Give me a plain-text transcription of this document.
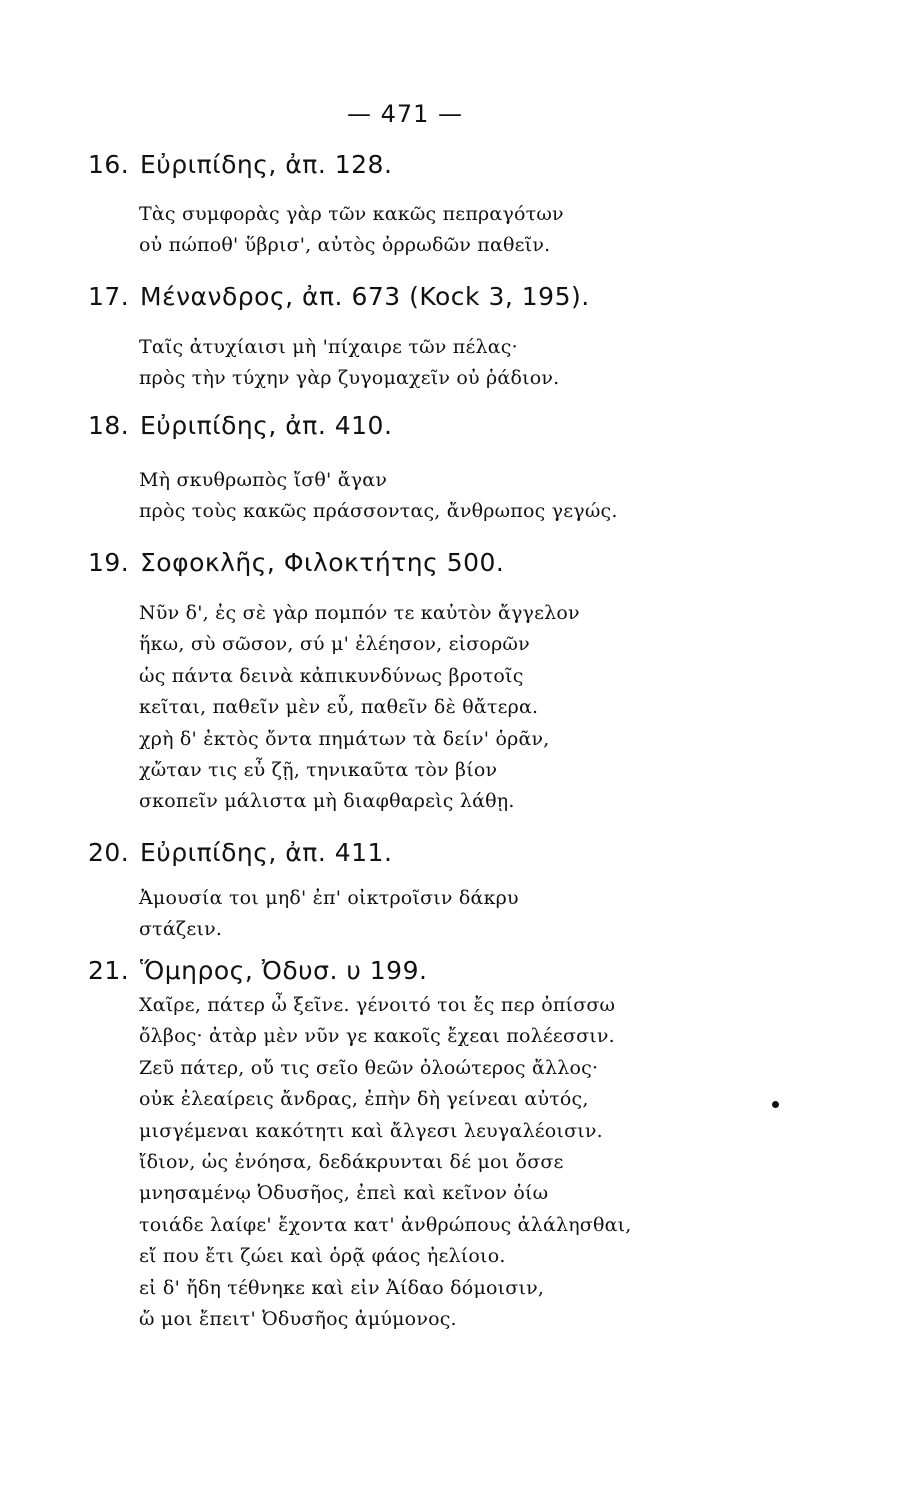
— 471 —
16. Εὐριπίδης, ἀπ. 128.
Τὰς συμφορὰς γὰρ τῶν κακῶς πεπραγότων
οὐ πώποθ' ὕβρισ', αὐτὸς ὀρρωδῶν παθεῖν.
17. Μένανδρος, ἀπ. 673 (Kock 3, 195).
Ταῖς ἀτυχίαισι μὴ 'πίχαιρε τῶν πέλας·
πρὸς τὴν τύχην γὰρ ζυγομαχεῖν οὐ ῥάδιον.
18. Εὐριπίδης, ἀπ. 410.
Μὴ σκυθρωπὸς ἴσθ' ἄγαν
πρὸς τοὺς κακῶς πράσσοντας, ἄνθρωπος γεγώς.
19. Σοφοκλῆς, Φιλοκτήτης 500.
Νῦν δ', ἐς σὲ γὰρ πομπόν τε καὐτὸν ἄγγελον
ἥκω, σὺ σῶσον, σύ μ' ἐλέησον, εἰσορῶν
ὡς πάντα δεινὰ κἀπικυνδύνως βροτοῖς
κεῖται, παθεῖν μὲν εὖ, παθεῖν δὲ θἄτερα.
χρὴ δ' ἐκτὸς ὄντα πημάτων τὰ δείν' ὁρᾶν,
χὤταν τις εὖ ζῇ, τηνικαῦτα τὸν βίον
σκοπεῖν μάλιστα μὴ διαφθαρεὶς λάθῃ.
20. Εὐριπίδης, ἀπ. 411.
Ἀμουσία τοι μηδ' ἐπ' οἰκτροῖσιν δάκρυ
στάζειν.
21. Ὅμηρος, Ὀδυσ. υ 199.
Χαῖρε, πάτερ ὦ ξεῖνε. γένοιτό τοι ἔς περ ὀπίσσω
ὄλβος· ἀτὰρ μὲν νῦν γε κακοῖς ἔχεαι πολέεσσιν.
Ζεῦ πάτερ, οὔ τις σεῖο θεῶν ὀλοώτερος ἄλλος·
οὐκ ἐλεαίρεις ἄνδρας, ἐπὴν δὴ γείνεαι αὐτός,
μισγέμεναι κακότητι καὶ ἄλγεσι λευγαλέοισιν.
ἴδιον, ὡς ἐνόησα, δεδάκρυνται δέ μοι ὄσσε
μνησαμένῳ Ὀδυσῆος, ἐπεὶ καὶ κεῖνον ὀίω
τοιάδε λαίφε' ἔχοντα κατ' ἀνθρώπους ἀλάλησθαι,
εἴ που ἔτι ζώει καὶ ὁρᾷ φάος ἠελίοιο.
εἰ δ' ἤδη τέθνηκε καὶ εἰν Ἀίδαο δόμοισιν,
ὤ μοι ἔπειτ' Ὀδυσῆος ἀμύμονος.
